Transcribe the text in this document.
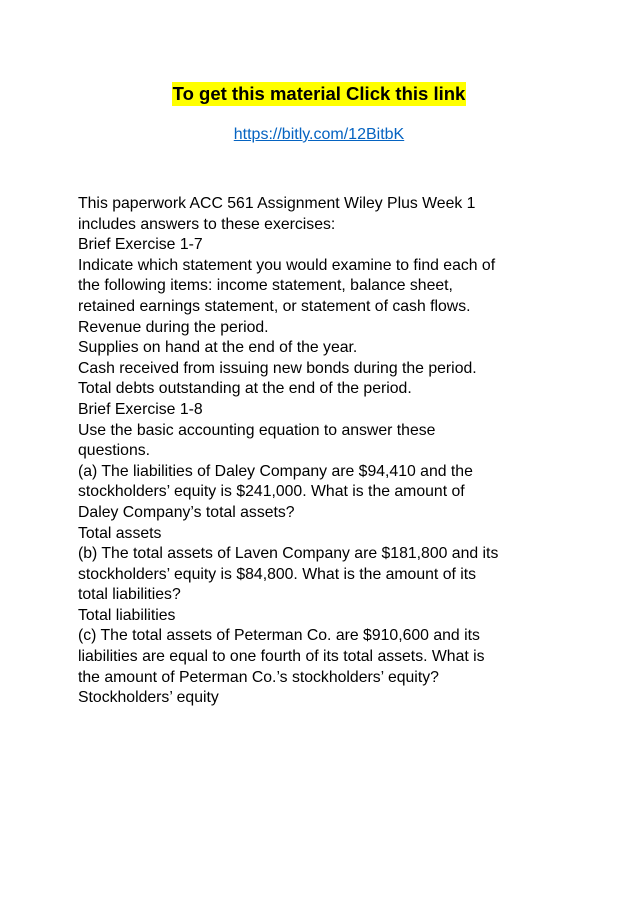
To get this material Click this link
https://bitly.com/12BitbK
This paperwork ACC 561 Assignment Wiley Plus Week 1
includes answers to these exercises:
Brief Exercise 1-7
Indicate which statement you would examine to find each of
the following items: income statement, balance sheet,
retained earnings statement, or statement of cash flows.
Revenue during the period.
Supplies on hand at the end of the year.
Cash received from issuing new bonds during the period.
Total debts outstanding at the end of the period.
Brief Exercise 1-8
Use the basic accounting equation to answer these
questions.
(a) The liabilities of Daley Company are $94,410 and the
stockholders’ equity is $241,000. What is the amount of
Daley Company’s total assets?
Total assets
(b) The total assets of Laven Company are $181,800 and its
stockholders’ equity is $84,800. What is the amount of its
total liabilities?
Total liabilities
(c) The total assets of Peterman Co. are $910,600 and its
liabilities are equal to one fourth of its total assets. What is
the amount of Peterman Co.’s stockholders’ equity?
Stockholders’ equity
